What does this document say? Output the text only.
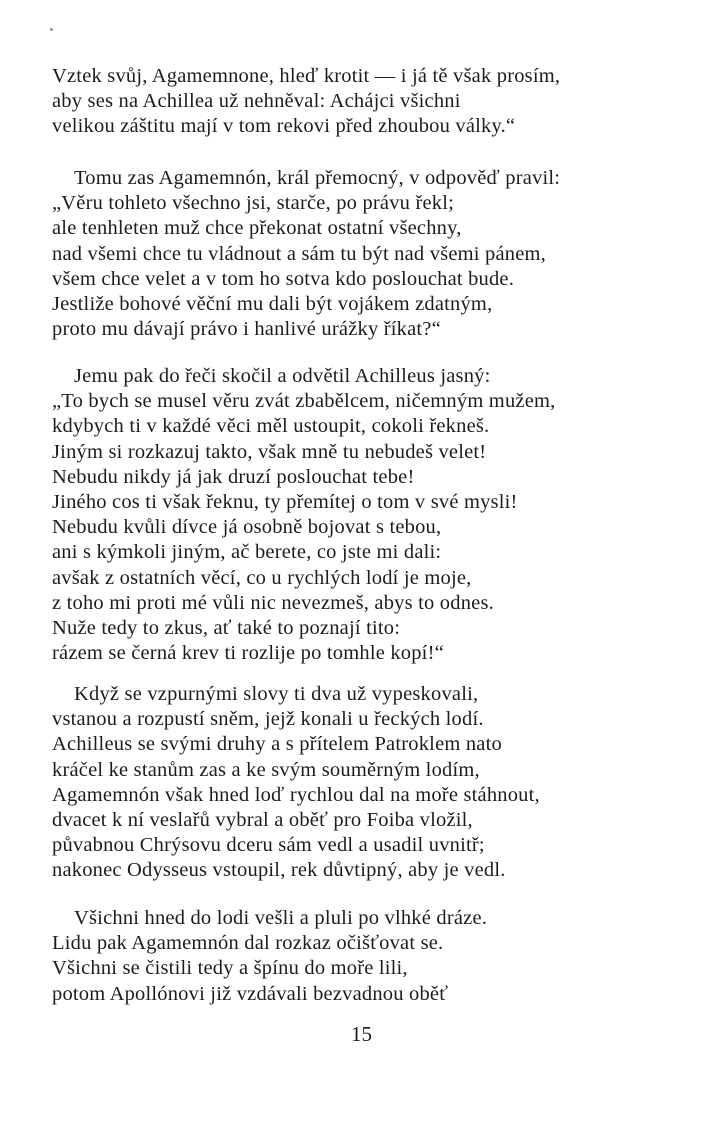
Vztek svůj, Agamemnone, hleď krotit — i já tě však prosím,
aby ses na Achillea už nehněval: Achájci všichni
velikou záštitu mají v tom rekovi před zhoubou války.“
Tomu zas Agamemnón, král přemocný, v odpověď pravil:
„Věru tohleto všechno jsi, starče, po právu řekl;
ale tenhleten muž chce překonat ostatní všechny,
nad všemi chce tu vládnout a sám tu být nad všemi pánem,
všem chce velet a v tom ho sotva kdo poslouchat bude.
Jestliže bohové věční mu dali být vojákem zdatným,
proto mu dávají právo i hanlivé urážky říkat?“
Jemu pak do řeči skočil a odvětil Achilleus jasný:
„To bych se musel věru zvát zbabělcem, ničemným mužem,
kdybych ti v každé věci měl ustoupit, cokoli řekneš.
Jiným si rozkazuj takto, však mně tu nebudeš velet!
Nebudu nikdy já jak druzí poslouchat tebe!
Jiného cos ti však řeknu, ty přemítej o tom v své mysli!
Nebudu kvůli dívce já osobně bojovat s tebou,
ani s kýmkoli jiným, ač berete, co jste mi dali:
avšak z ostatních věcí, co u rychlých lodí je moje,
z toho mi proti mé vůli nic nevezmeš, abys to odnes.
Nuže tedy to zkus, ať také to poznají tito:
rázem se černá krev ti rozlije po tomhle kopí!“
Když se vzpurnými slovy ti dva už vypeskovali,
vstanou a rozpustí sněm, jejž konali u řeckých lodí.
Achilleus se svými druhy a s přítelem Patroklem nato
kráčel ke stanům zas a ke svým souměrným lodím,
Agamemnón však hned loď rychlou dal na moře stáhnout,
dvacet k ní veslařů vybral a oběť pro Foiba vložil,
půvabnou Chrýsovu dceru sám vedl a usadil uvnitř;
nakonec Odysseus vstoupil, rek důvtipný, aby je vedl.
Všichni hned do lodi vešli a pluli po vlhké dráze.
Lidu pak Agamemnón dal rozkaz očišťovat se.
Všichni se čistili tedy a špínu do moře lili,
potom Apollónovi již vzdávali bezvadnou oběť
15
